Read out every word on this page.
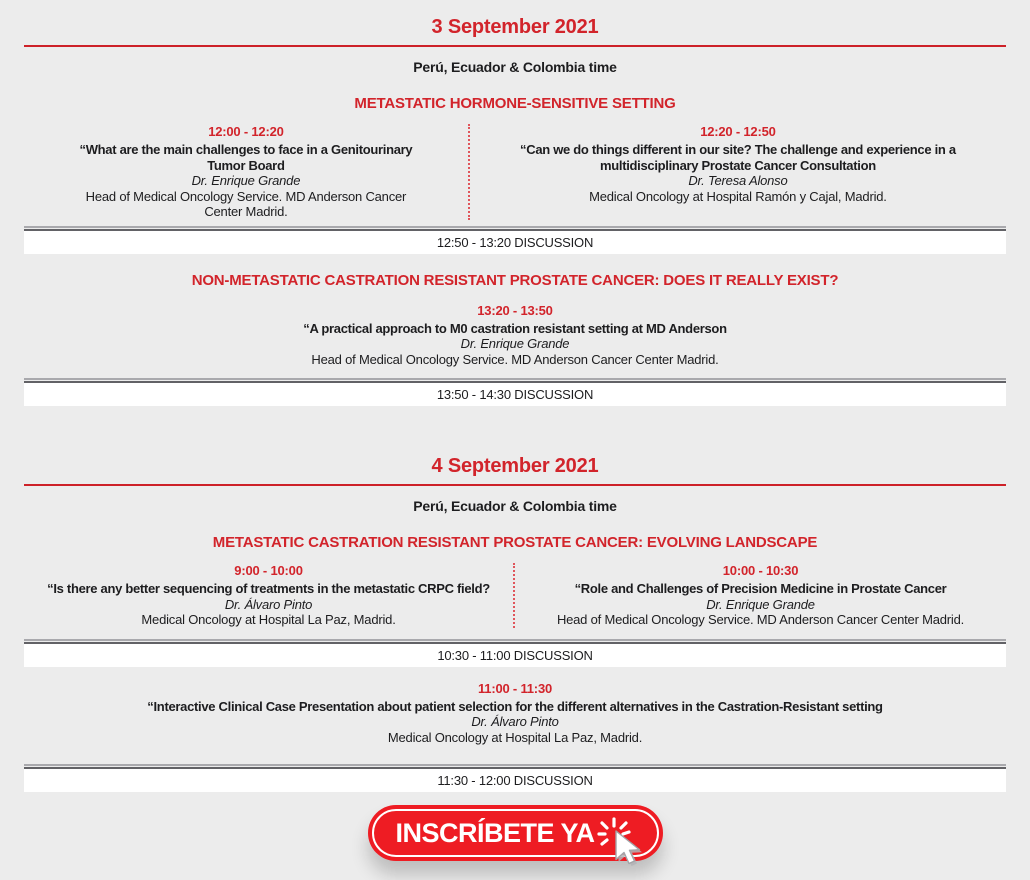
3 September 2021
Perú, Ecuador & Colombia time
METASTATIC HORMONE-SENSITIVE SETTING
12:00 - 12:20
“What are the main challenges to face in a Genitourinary Tumor Board
Dr. Enrique Grande
Head of Medical Oncology Service. MD Anderson Cancer Center Madrid.
12:20 - 12:50
“Can we do things different in our site? The challenge and experience in a multidisciplinary Prostate Cancer Consultation
Dr. Teresa Alonso
Medical Oncology at Hospital Ramón y Cajal, Madrid.
12:50 - 13:20 DISCUSSION
NON-METASTATIC CASTRATION RESISTANT PROSTATE CANCER: DOES IT REALLY EXIST?
13:20 - 13:50
“A practical approach to M0 castration resistant setting at MD Anderson
Dr. Enrique Grande
Head of Medical Oncology Service. MD Anderson Cancer Center Madrid.
13:50 - 14:30 DISCUSSION
4 September 2021
Perú, Ecuador & Colombia time
METASTATIC CASTRATION RESISTANT PROSTATE CANCER: EVOLVING LANDSCAPE
9:00 - 10:00
“Is there any better sequencing of treatments in the metastatic CRPC field?
Dr. Álvaro Pinto
Medical Oncology at Hospital La Paz, Madrid.
10:00 - 10:30
“Role and Challenges of Precision Medicine in Prostate Cancer
Dr. Enrique Grande
Head of Medical Oncology Service. MD Anderson Cancer Center Madrid.
10:30 - 11:00 DISCUSSION
11:00 - 11:30
“Interactive Clinical Case Presentation about patient selection for the different alternatives in the Castration-Resistant setting
Dr. Álvaro Pinto
Medical Oncology at Hospital La Paz, Madrid.
11:30 - 12:00 DISCUSSION
INSCRÍBETE YA
